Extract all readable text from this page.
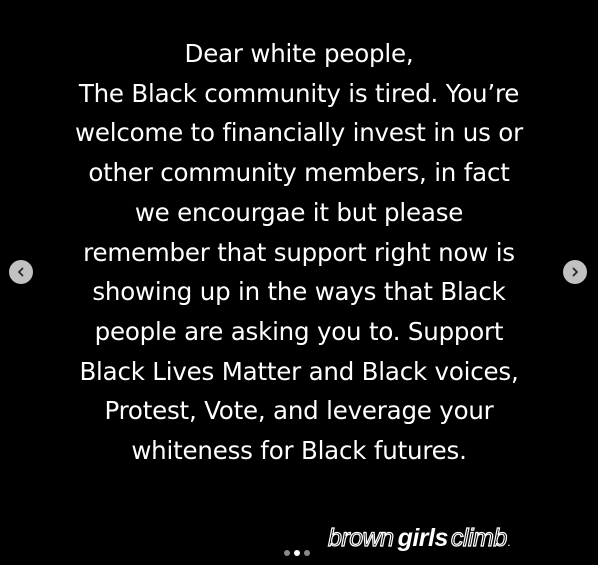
Dear white people,
The Black community is tired. You’re
welcome to financially invest in us or
other community members, in fact
we encourgae it but please
remember that support right now is
showing up in the ways that Black
people are asking you to. Support
Black Lives Matter and Black voices,
Protest, Vote, and leverage your
whiteness for Black futures.
brown girls climb .
